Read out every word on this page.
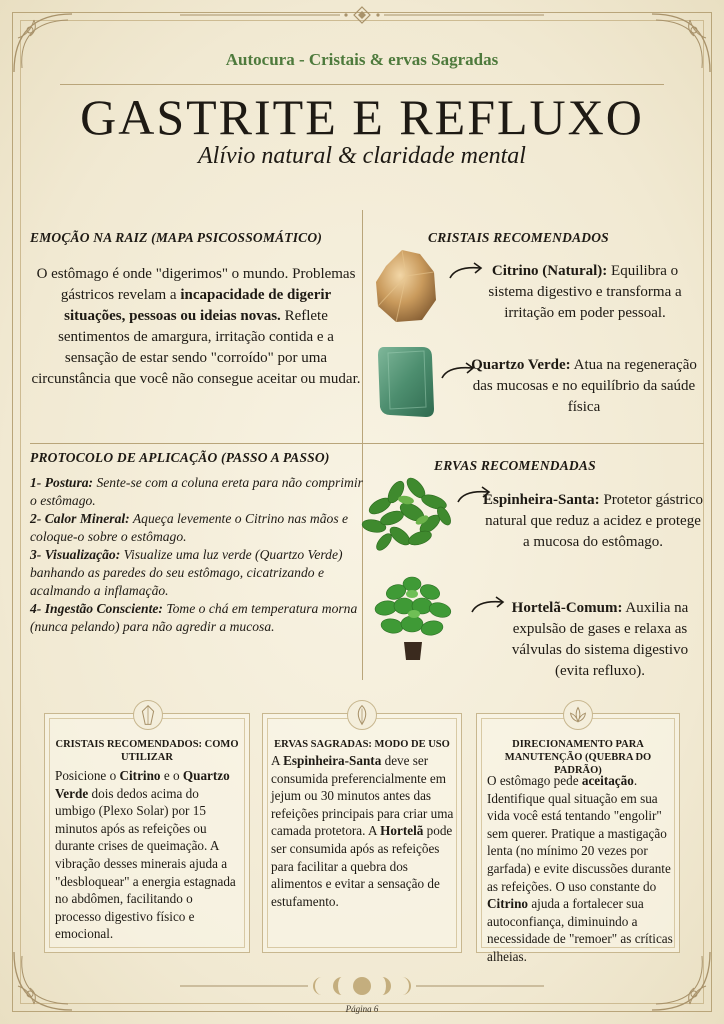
Autocura - Cristais & ervas Sagradas
GASTRITE E REFLUXO
Alívio natural & claridade mental
EMOÇÃO NA RAIZ (MAPA PSICOSSOMÁTICO)
O estômago é onde "digerimos" o mundo. Problemas gástricos revelam a incapacidade de digerir situações, pessoas ou ideias novas. Reflete sentimentos de amargura, irritação contida e a sensação de estar sendo "corroído" por uma circunstância que você não consegue aceitar ou mudar.
CRISTAIS RECOMENDADOS
Citrino (Natural): Equilibra o sistema digestivo e transforma a irritação em poder pessoal.
Quartzo Verde: Atua na regeneração das mucosas e no equilíbrio da saúde física
PROTOCOLO DE APLICAÇÃO (PASSO A PASSO)

1- Postura: Sente-se com a coluna ereta para não comprimir o estômago.

2- Calor Mineral: Aqueça levemente o Citrino nas mãos e coloque-o sobre o estômago.

3- Visualização: Visualize uma luz verde (Quartzo Verde) banhando as paredes do seu estômago, cicatrizando e acalmando a inflamação.

4- Ingestão Consciente: Tome o chá em temperatura morna (nunca pelando) para não agredir a mucosa.

ERVAS RECOMENDADAS
Espinheira-Santa: Protetor gástrico natural que reduz a acidez e protege a mucosa do estômago.
Hortelã-Comum: Auxilia na expulsão de gases e relaxa as válvulas do sistema digestivo (evita refluxo).
CRISTAIS RECOMENDADOS: COMO UTILIZAR
Posicione o Citrino e o Quartzo Verde dois dedos acima do umbigo (Plexo Solar) por 15 minutos após as refeições ou durante crises de queimação. A vibração desses minerais ajuda a "desbloquear" a energia estagnada no abdômen, facilitando o processo digestivo físico e emocional.
ERVAS SAGRADAS: MODO DE USO
A Espinheira-Santa deve ser consumida preferencialmente em jejum ou 30 minutos antes das refeições principais para criar uma camada protetora. A Hortelã pode ser consumida após as refeições para facilitar a quebra dos alimentos e evitar a sensação de estufamento.
DIRECIONAMENTO PARA MANUTENÇÃO (QUEBRA DO PADRÃO)
O estômago pede aceitação. Identifique qual situação em sua vida você está tentando "engolir" sem querer. Pratique a mastigação lenta (no mínimo 20 vezes por garfada) e evite discussões durante as refeições. O uso constante do Citrino ajuda a fortalecer sua autoconfiança, diminuindo a necessidade de "remoer" as críticas alheias.
Página 6
